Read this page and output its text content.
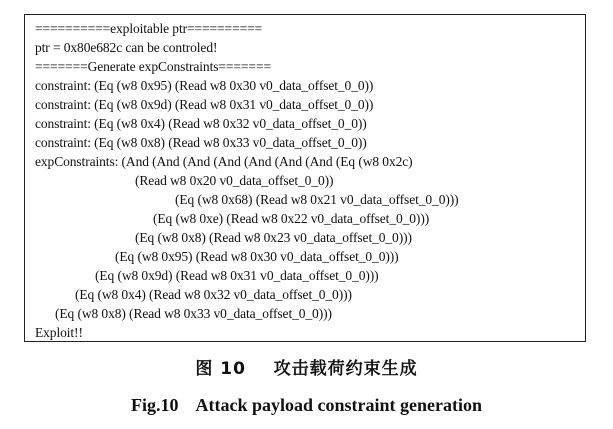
==========exploitable ptr==========

ptr = 0x80e682c can be controled!

=======Generate expConstraints=======

constraint: (Eq (w8 0x95) (Read w8 0x30 v0_data_offset_0_0))

constraint: (Eq (w8 0x9d) (Read w8 0x31 v0_data_offset_0_0))

constraint: (Eq (w8 0x4) (Read w8 0x32 v0_data_offset_0_0))

constraint: (Eq (w8 0x8) (Read w8 0x33 v0_data_offset_0_0))

expConstraints: (And (And (And (And (And (And (And (Eq (w8 0x2c)

(Read w8 0x20 v0_data_offset_0_0))

(Eq (w8 0x68) (Read w8 0x21 v0_data_offset_0_0)))

(Eq (w8 0xe) (Read w8 0x22 v0_data_offset_0_0)))

(Eq (w8 0x8) (Read w8 0x23 v0_data_offset_0_0)))

(Eq (w8 0x95) (Read w8 0x30 v0_data_offset_0_0)))

(Eq (w8 0x9d) (Read w8 0x31 v0_data_offset_0_0)))

(Eq (w8 0x4) (Read w8 0x32 v0_data_offset_0_0)))

(Eq (w8 0x8) (Read w8 0x33 v0_data_offset_0_0)))

Exploit!!

图 10    攻击载荷约束生成

Fig.10    Attack payload constraint generation
